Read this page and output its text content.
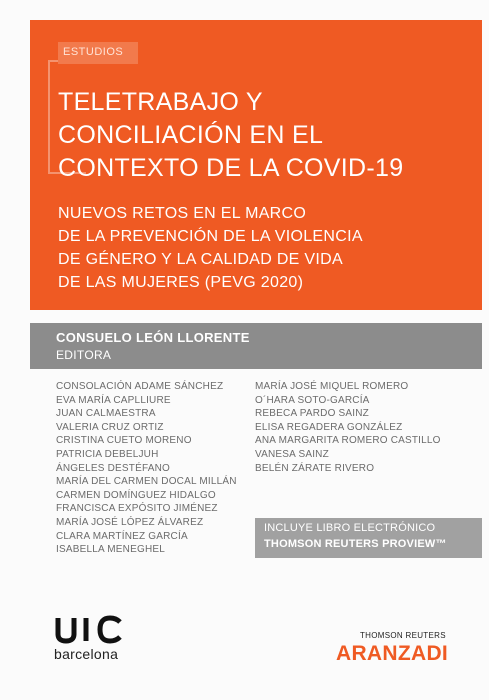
ESTUDIOS
TELETRABAJO Y
CONCILIACIÓN EN EL
CONTEXTO DE LA COVID-19
NUEVOS RETOS EN EL MARCO
DE LA PREVENCIÓN DE LA VIOLENCIA
DE GÉNERO Y LA CALIDAD DE VIDA
DE LAS MUJERES (PEVG 2020)
CONSUELO LEÓN LLORENTE
EDITORA
CONSOLACIÓN ADAME SÁNCHEZ
EVA MARÍA CAPLLIURE
JUAN CALMAESTRA
VALERIA CRUZ ORTIZ
CRISTINA CUETO MORENO
PATRICIA DEBELJUH
ÁNGELES DESTÉFANO
MARÍA DEL CARMEN DOCAL MILLÁN
CARMEN DOMÍNGUEZ HIDALGO
FRANCISCA EXPÓSITO JIMÉNEZ
MARÍA JOSÉ LÓPEZ ÁLVAREZ
CLARA MARTÍNEZ GARCÍA
ISABELLA MENEGHEL
MARÍA JOSÉ MIQUEL ROMERO
O´HARA SOTO-GARCÍA
REBECA PARDO SAINZ
ELISA REGADERA GONZÁLEZ
ANA MARGARITA ROMERO CASTILLO
VANESA SAINZ
BELÉN ZÁRATE RIVERO
INCLUYE LIBRO ELECTRÓNICO
THOMSON REUTERS PROVIEW™
barcelona
THOMSON REUTERS
ARANZADI
